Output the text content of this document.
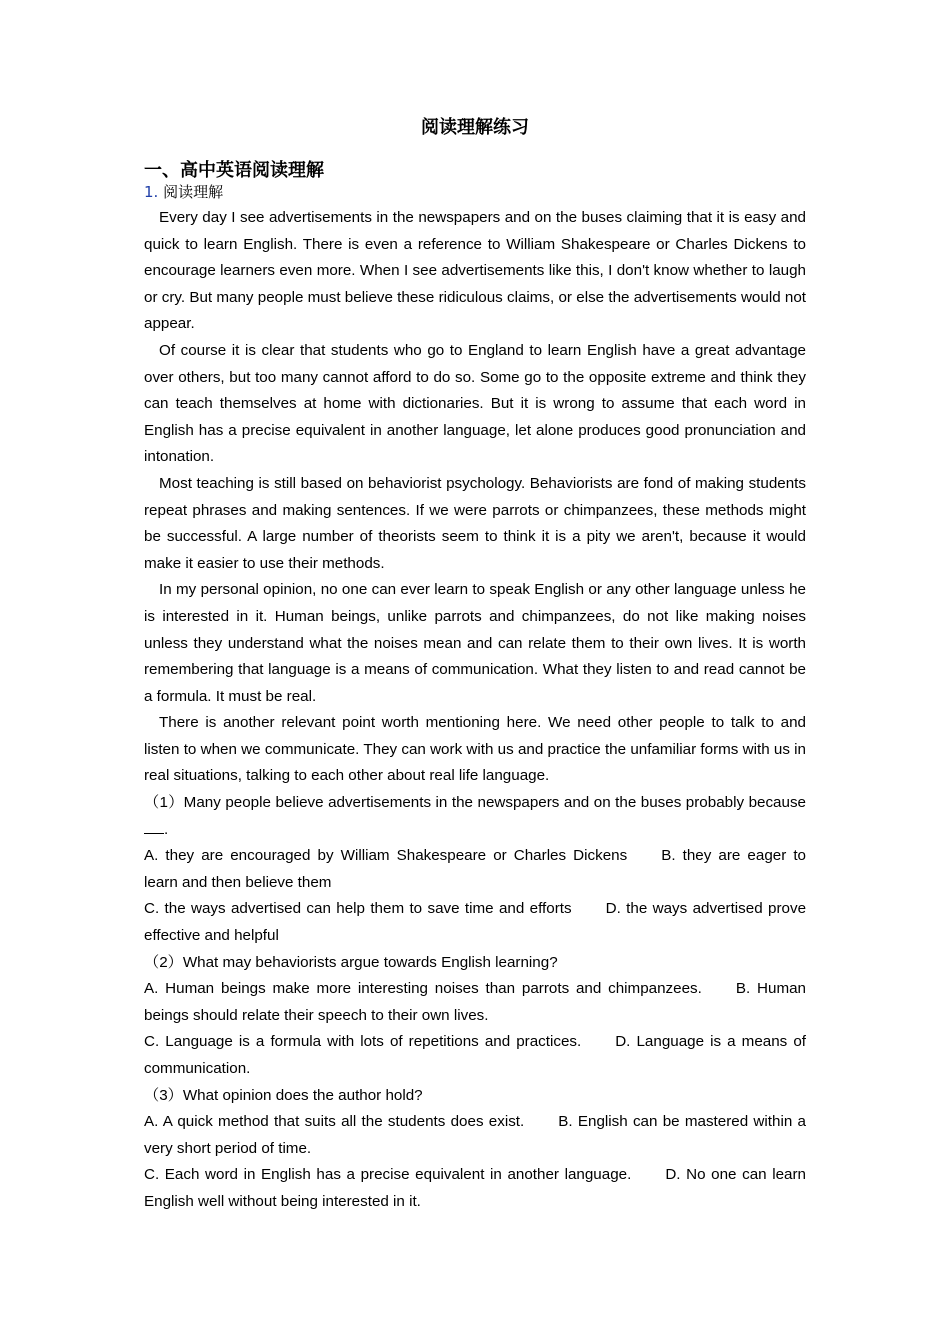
阅读理解练习
一、高中英语阅读理解
1. 阅读理解

Every day I see advertisements in the newspapers and on the buses claiming that it is easy and quick to learn English. There is even a reference to William Shakespeare or Charles Dickens to encourage learners even more. When I see advertisements like this, I don't know whether to laugh or cry. But many people must believe these ridiculous claims, or else the advertisements would not appear.

Of course it is clear that students who go to England to learn English have a great advantage over others, but too many cannot afford to do so. Some go to the opposite extreme and think they can teach themselves at home with dictionaries. But it is wrong to assume that each word in English has a precise equivalent in another language, let alone produces good pronunciation and intonation.

Most teaching is still based on behaviorist psychology. Behaviorists are fond of making students repeat phrases and making sentences. If we were parrots or chimpanzees, these methods might be successful. A large number of theorists seem to think it is a pity we aren't, because it would make it easier to use their methods.

In my personal opinion, no one can ever learn to speak English or any other language unless he is interested in it. Human beings, unlike parrots and chimpanzees, do not like making noises unless they understand what the noises mean and can relate them to their own lives. It is worth remembering that language is a means of communication. What they listen to and read cannot be a formula. It must be real.

There is another relevant point worth mentioning here. We need other people to talk to and listen to when we communicate. They can work with us and practice the unfamiliar forms with us in real situations, talking to each other about real life language.

（1）Many people believe advertisements in the newspapers and on the buses probably because .

A. they are encouraged by William Shakespeare or Charles Dickens B. they are eager to learn and then believe them

C. the ways advertised can help them to save time and efforts D. the ways advertised prove effective and helpful

（2）What may behaviorists argue towards English learning?

A. Human beings make more interesting noises than parrots and chimpanzees. B. Human beings should relate their speech to their own lives.

C. Language is a formula with lots of repetitions and practices. D. Language is a means of communication.

（3）What opinion does the author hold?

A. A quick method that suits all the students does exist. B. English can be mastered within a very short period of time.

C. Each word in English has a precise equivalent in another language. D. No one can learn English well without being interested in it.
